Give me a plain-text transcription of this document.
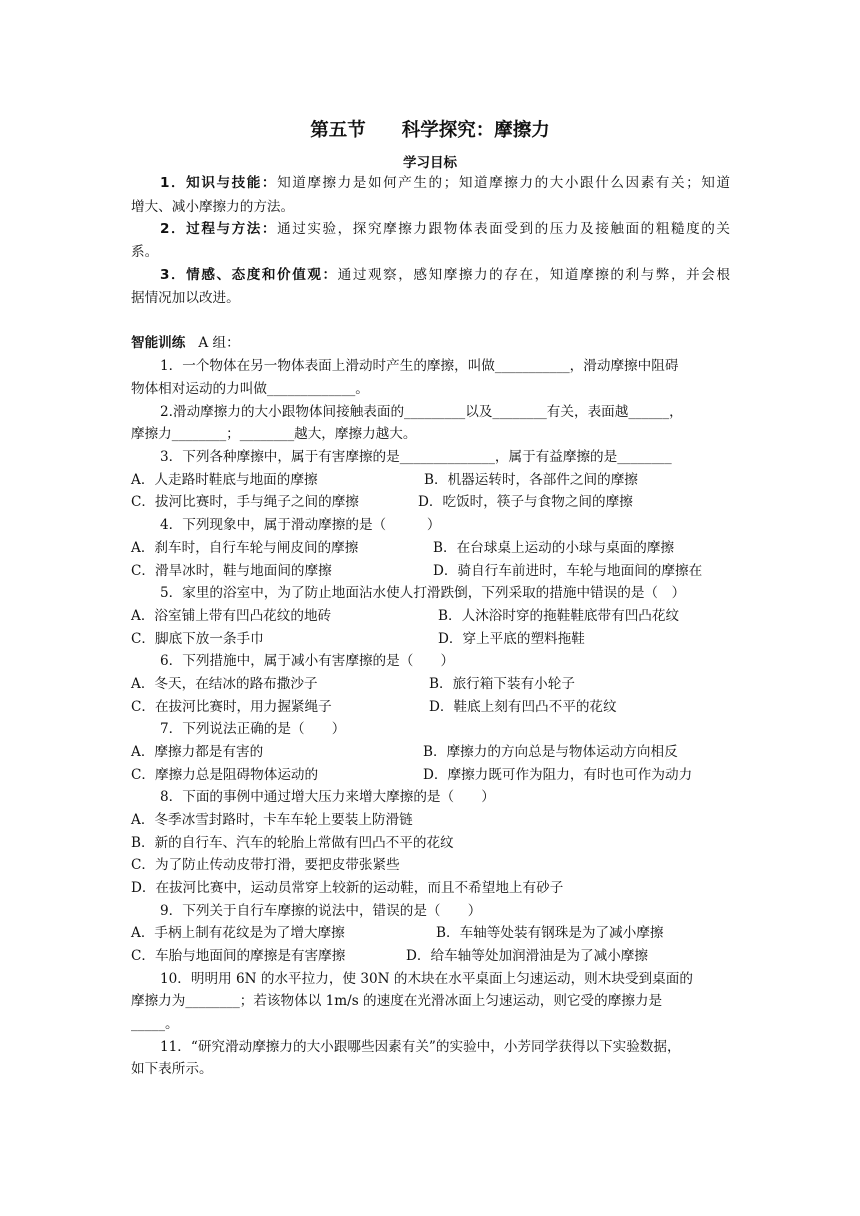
第五节 科学探究：摩擦力
学习目标
1．知识与技能：知道摩擦力是如何产生的；知道摩擦力的大小跟什么因素有关；知道
增大、减小摩擦力的方法。
2．过程与方法：通过实验，探究摩擦力跟物体表面受到的压力及接触面的粗糙度的关
系。
3．情感、态度和价值观：通过观察，感知摩擦力的存在，知道摩擦的利与弊，并会根
据情况加以改进。
智能训练 A 组：
1．一个物体在另一物体表面上滑动时产生的摩擦，叫做___________，滑动摩擦中阻碍
物体相对运动的力叫做_____________。
2.滑动摩擦力的大小跟物体间接触表面的_________以及________有关，表面越______，
摩擦力________；________越大，摩擦力越大。
3．下列各种摩擦中，属于有害摩擦的是______________，属于有益摩擦的是________
A．人走路时鞋底与地面的摩擦	B．机器运转时，各部件之间的摩擦
C．拔河比赛时，手与绳子之间的摩擦	D．吃饭时，筷子与食物之间的摩擦
4．下列现象中，属于滑动摩擦的是（　　　）
A．刹车时，自行车轮与闸皮间的摩擦	B．在台球桌上运动的小球与桌面的摩擦
C．滑旱冰时，鞋与地面间的摩擦	D．骑自行车前进时，车轮与地面间的摩擦在
5．家里的浴室中，为了防止地面沾水使人打滑跌倒，下列采取的措施中错误的是（　）
A．浴室铺上带有凹凸花纹的地砖	B．人沐浴时穿的拖鞋鞋底带有凹凸花纹
C．脚底下放一条手巾	D．穿上平底的塑料拖鞋
6．下列措施中，属于减小有害摩擦的是（　　）
A．冬天，在结冰的路布撒沙子	B．旅行箱下装有小轮子
C．在拔河比赛时，用力握紧绳子	D．鞋底上刻有凹凸不平的花纹
7．下列说法正确的是（　　）
A．摩擦力都是有害的	B．摩擦力的方向总是与物体运动方向相反
C．摩擦力总是阻碍物体运动的	D．摩擦力既可作为阻力，有时也可作为动力
8．下面的事例中通过增大压力来增大摩擦的是（　　）
A．冬季冰雪封路时，卡车车轮上要装上防滑链
B．新的自行车、汽车的轮胎上常做有凹凸不平的花纹
C．为了防止传动皮带打滑，要把皮带张紧些
D．在拔河比赛中，运动员常穿上较新的运动鞋，而且不希望地上有砂子
9．下列关于自行车摩擦的说法中，错误的是（　　）
A．手柄上制有花纹是为了增大摩擦	B．车轴等处装有钢珠是为了减小摩擦
C．车胎与地面间的摩擦是有害摩擦	D．给车轴等处加润滑油是为了减小摩擦
10．明明用 6N 的水平拉力，使 30N 的木块在水平桌面上匀速运动，则木块受到桌面的
摩擦力为________；若该物体以 1m/s 的速度在光滑冰面上匀速运动，则它受的摩擦力是
_____。
11．“研究滑动摩擦力的大小跟哪些因素有关”的实验中，小芳同学获得以下实验数据，
如下表所示。
